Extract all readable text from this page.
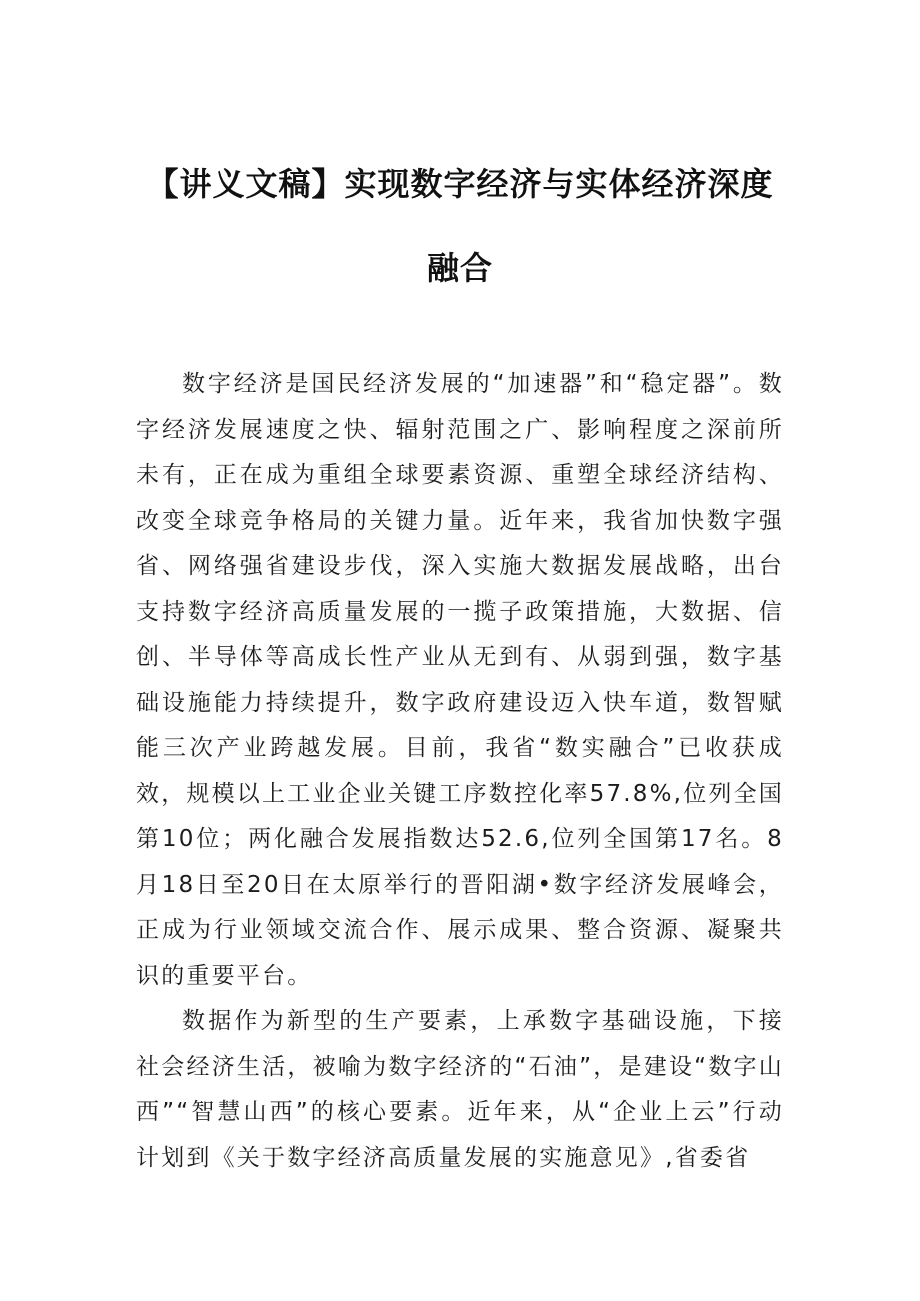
【讲义文稿】实现数字经济与实体经济深度
融合

数字经济是国民经济发展的“加速器”和“稳定器”。数字经济发展速度之快、辐射范围之广、影响程度之深前所未有，正在成为重组全球要素资源、重塑全球经济结构、改变全球竞争格局的关键力量。近年来，我省加快数字强省、网络强省建设步伐，深入实施大数据发展战略，出台支持数字经济高质量发展的一揽子政策措施，大数据、信创、半导体等高成长性产业从无到有、从弱到强，数字基础设施能力持续提升，数字政府建设迈入快车道，数智赋能三次产业跨越发展。目前，我省“数实融合”已收获成效，规模以上工业企业关键工序数控化率57.8%,位列全国第10位；两化融合发展指数达52.6,位列全国第17名。8月18日至20日在太原举行的晋阳湖•数字经济发展峰会，正成为行业领域交流合作、展示成果、整合资源、凝聚共识的重要平台。

数据作为新型的生产要素，上承数字基础设施，下接社会经济生活，被喻为数字经济的“石油”，是建设“数字山西”“智慧山西”的核心要素。近年来，从“企业上云”行动计划到《关于数字经济高质量发展的实施意见》,省委省
